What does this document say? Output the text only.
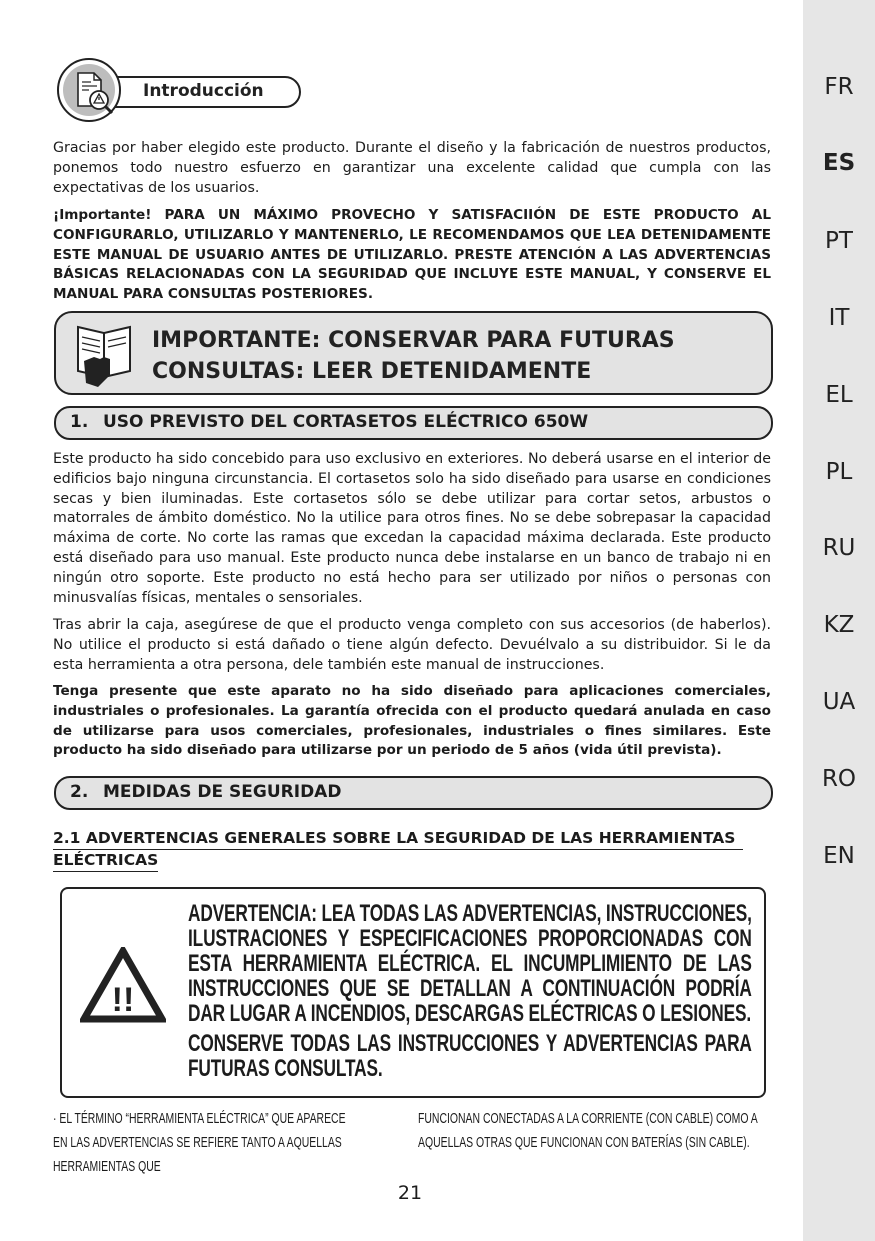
FR
ES
PT
IT
EL
PL
RU
KZ
UA
RO
EN
Introducción
Gracias por haber elegido este producto. Durante el diseño y la fabricación de nuestros productos, ponemos todo nuestro esfuerzo en garantizar una excelente calidad que cumpla con las expectativas de los usuarios.
¡Importante! PARA UN MÁXIMO PROVECHO Y SATISFACIIÓN DE ESTE PRODUCTO AL CONFIGURARLO, UTILIZARLO Y MANTENERLO, LE RECOMENDAMOS QUE LEA DETENIDAMENTE ESTE MANUAL DE USUARIO ANTES DE UTILIZARLO. PRESTE ATENCIÓN A LAS ADVERTENCIAS BÁSICAS RELACIONADAS CON LA SEGURIDAD QUE INCLUYE ESTE MANUAL, Y CONSERVE EL MANUAL PARA CONSULTAS POSTERIORES.
IMPORTANTE: CONSERVAR PARA FUTURAS
CONSULTAS: LEER DETENIDAMENTE
1. USO PREVISTO DEL CORTASETOS ELÉCTRICO 650W
Este producto ha sido concebido para uso exclusivo en exteriores. No deberá usarse en el interior de edificios bajo ninguna circunstancia. El cortasetos solo ha sido diseñado para usarse en condiciones secas y bien iluminadas. Este cortasetos sólo se debe utilizar para cortar setos, arbustos o matorrales de ámbito doméstico. No la utilice para otros fines. No se debe sobrepasar la capacidad máxima de corte. No corte las ramas que excedan la capacidad máxima declarada. Este producto está diseñado para uso manual. Este producto nunca debe instalarse en un banco de trabajo ni en ningún otro soporte. Este producto no está hecho para ser utilizado por niños o personas con minusvalías físicas, mentales o sensoriales.
Tras abrir la caja, asegúrese de que el producto venga completo con sus accesorios (de haberlos). No utilice el producto si está dañado o tiene algún defecto. Devuélvalo a su distribuidor. Si le da esta herramienta a otra persona, dele también este manual de instrucciones.
Tenga presente que este aparato no ha sido diseñado para aplicaciones comerciales, industriales o profesionales. La garantía ofrecida con el producto quedará anulada en caso de utilizarse para usos comerciales, profesionales, industriales o fines similares. Este producto ha sido diseñado para utilizarse por un periodo de 5 años (vida útil prevista).
2. MEDIDAS DE SEGURIDAD
2.1 ADVERTENCIAS GENERALES SOBRE LA SEGURIDAD DE LAS HERRAMIENTAS
ELÉCTRICAS
!!

ADVERTENCIA: LEA TODAS LAS ADVERTENCIAS, INSTRUCCIONES, ILUSTRACIONES Y ESPECIFICACIONES PROPORCIONADAS CON ESTA HERRAMIENTA ELÉCTRICA. EL INCUMPLIMIENTO DE LAS INSTRUCCIONES QUE SE DETALLAN A CONTINUACIÓN PODRÍA DAR LUGAR A INCENDIOS, DESCARGAS ELÉCTRICAS O LESIONES.

CONSERVE TODAS LAS INSTRUCCIONES Y ADVERTENCIAS PARA FUTURAS CONSULTAS.

· EL TÉRMINO “HERRAMIENTA ELÉCTRICA” QUE APARECE EN LAS ADVERTENCIAS SE REFIERE TANTO A AQUELLAS HERRAMIENTAS QUE
FUNCIONAN CONECTADAS A LA CORRIENTE (CON CABLE) COMO A AQUELLAS OTRAS QUE FUNCIONAN CON BATERÍAS (SIN CABLE).
21
